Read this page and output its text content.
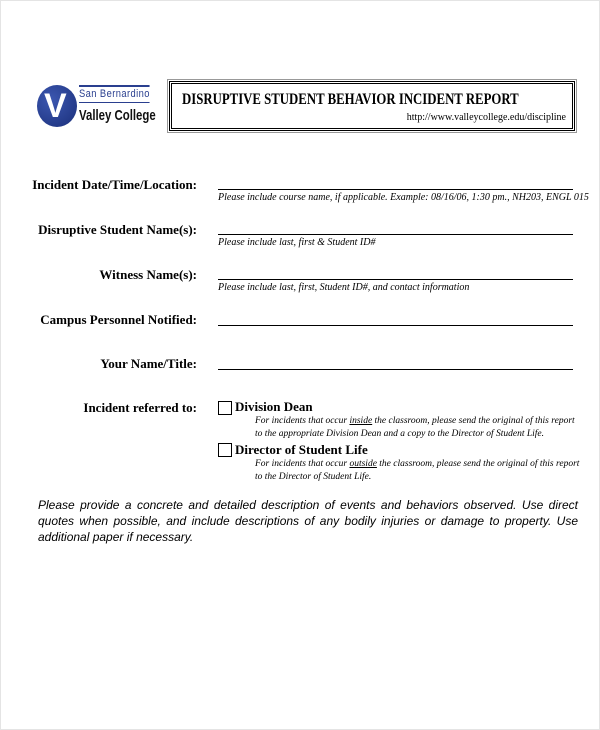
V San Bernardino
Valley College
DISRUPTIVE STUDENT BEHAVIOR INCIDENT REPORT
http://www.valleycollege.edu/discipline
Incident Date/Time/Location:
Please include course name, if applicable. Example: 08/16/06, 1:30 pm., NH203, ENGL 015
Disruptive Student Name(s):
Please include last, first & Student ID#
Witness Name(s):
Please include last, first, Student ID#, and contact information
Campus Personnel Notified:
Your Name/Title:
Incident referred to:	Division Dean
For incidents that occur inside the classroom, please send the original of this report
to the appropriate Division Dean and a copy to the Director of Student Life.
Director of Student Life
For incidents that occur outside the classroom, please send the original of this report
to the Director of Student Life.
Please provide a concrete and detailed description of events and behaviors observed. Use direct quotes when possible, and include descriptions of any bodily injuries or damage to property. Use additional paper if necessary.
